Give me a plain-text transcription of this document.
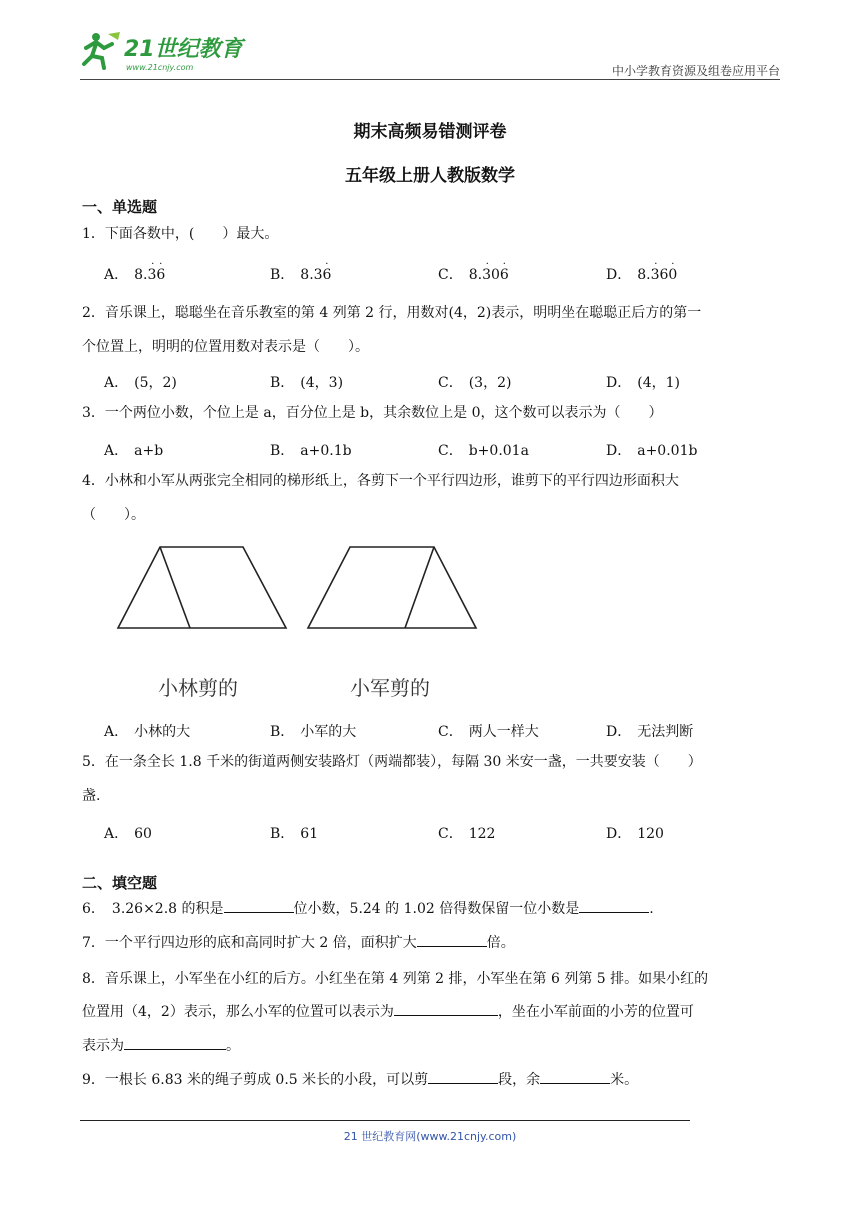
21世纪教育
www.21cnjy.com	中小学教育资源及组卷应用平台
期末高频易错测评卷
五年级上册人教版数学
一、单选题
1．下面各数中，(　　）最大。
A． 8.36
· ·
B． 8.36
·
C． 8.306
· ·
D． 8.360
· ·
2．音乐课上，聪聪坐在音乐教室的第 4 列第 2 行，用数对(4，2)表示，明明坐在聪聪正后方的第一
个位置上，明明的位置用数对表示是（　　）。
A． (5，2)	B． (4，3)	C． (3，2)	D． (4，1)
3．一个两位小数，个位上是 a，百分位上是 b，其余数位上是 0，这个数可以表示为（　　）
A． a+b	B． a+0.1b	C． b+0.01a	D． a+0.01b
4．小林和小军从两张完全相同的梯形纸上，各剪下一个平行四边形，谁剪下的平行四边形面积大
（　　）。
小林剪的	小军剪的
A． 小林的大	B． 小军的大	C． 两人一样大	D． 无法判断
5．在一条全长 1.8 千米的街道两侧安装路灯（两端都装），每隔 30 米安一盏，一共要安装（　　）
盏.
A． 60	B． 61	C． 122	D． 120
二、填空题
6．　3.26×2.8 的积是	位小数，5.24 的 1.02 倍得数保留一位小数是	.
7．一个平行四边形的底和高同时扩大 2 倍，面积扩大	倍。
8．音乐课上，小军坐在小红的后方。小红坐在第 4 列第 2 排，小军坐在第 6 列第 5 排。如果小红的
位置用（4，2）表示，那么小军的位置可以表示为	，坐在小军前面的小芳的位置可
表示为	。
9．一根长 6.83 米的绳子剪成 0.5 米长的小段，可以剪	段，余	米。
21 世纪教育网(www.21cnjy.com)
